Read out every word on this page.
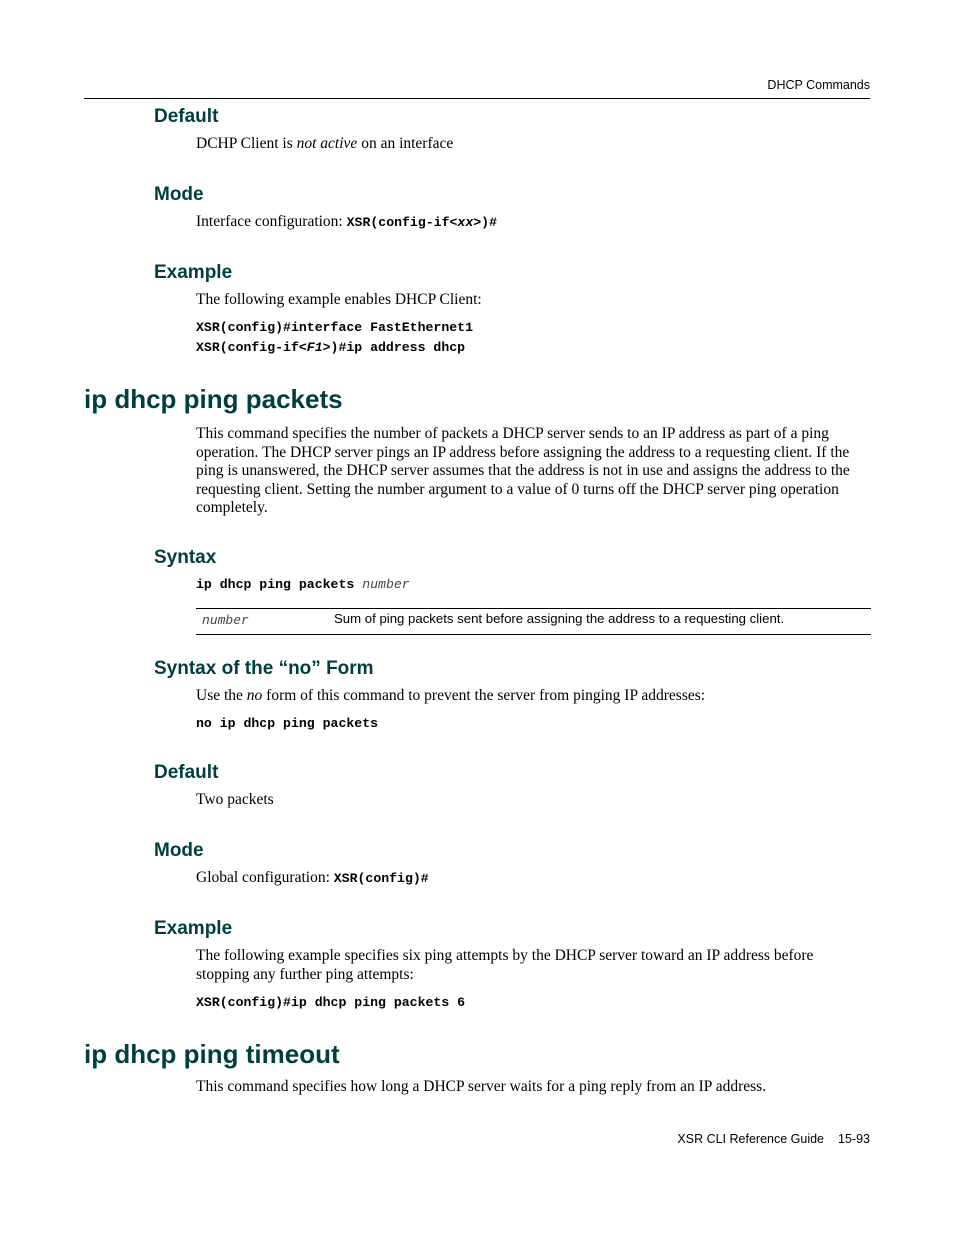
DHCP Commands
Default
DCHP Client is not active on an interface
Mode
Interface configuration: XSR(config-if<xx>)#
Example
The following example enables DHCP Client:
XSR(config)#interface FastEthernet1
XSR(config-if<F1>)#ip address dhcp
ip dhcp ping packets
This command specifies the number of packets a DHCP server sends to an IP address as part of a ping operation. The DHCP server pings an IP address before assigning the address to a requesting client. If the ping is unanswered, the DHCP server assumes that the address is not in use and assigns the address to the requesting client. Setting the number argument to a value of 0 turns off the DHCP server ping operation completely.
Syntax
ip dhcp ping packets number
number	Sum of ping packets sent before assigning the address to a requesting client.
Syntax of the “no” Form
Use the no form of this command to prevent the server from pinging IP addresses:
no ip dhcp ping packets
Default
Two packets
Mode
Global configuration: XSR(config)#
Example
The following example specifies six ping attempts by the DHCP server toward an IP address before stopping any further ping attempts:
XSR(config)#ip dhcp ping packets 6
ip dhcp ping timeout
This command specifies how long a DHCP server waits for a ping reply from an IP address.
XSR CLI Reference Guide 15-93
